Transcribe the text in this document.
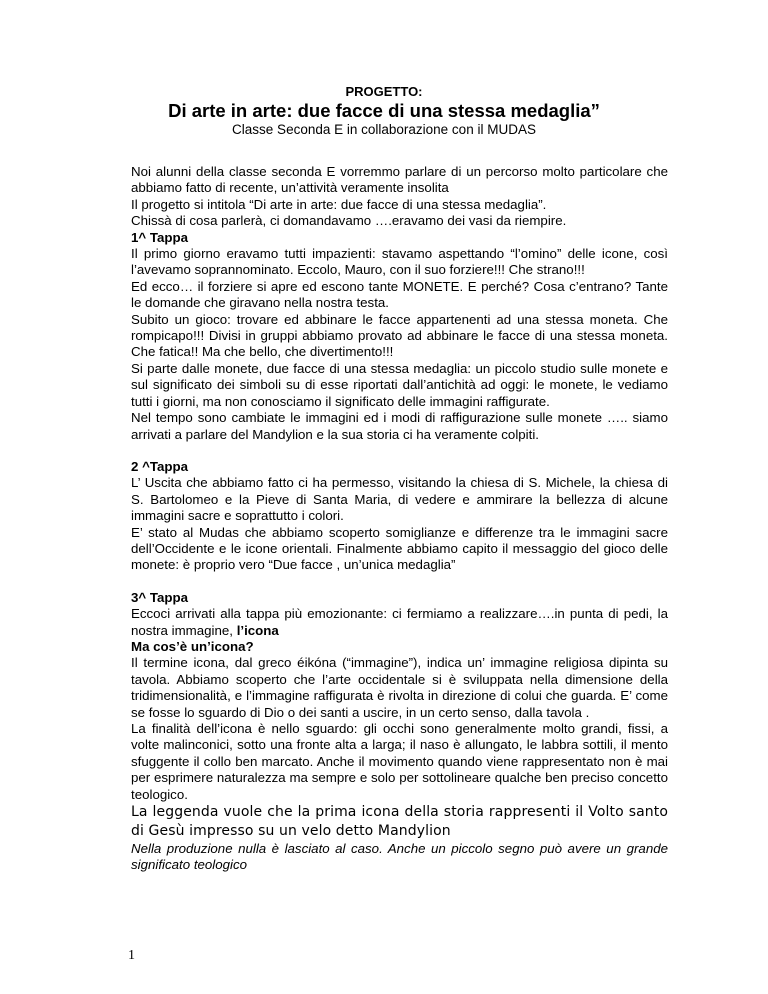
PROGETTO:
Di arte in arte: due facce di una stessa medaglia”
Classe Seconda E in collaborazione con il MUDAS

Noi alunni della classe seconda E vorremmo parlare di un percorso molto particolare che abbiamo fatto di recente, un’attività veramente insolita

Il progetto si intitola “Di arte in arte: due facce di una stessa medaglia”.

Chissà di cosa parlerà, ci domandavamo ….eravamo dei vasi da riempire.

1^ Tappa

Il primo giorno eravamo tutti impazienti: stavamo aspettando “l’omino” delle icone, così l’avevamo soprannominato. Eccolo, Mauro, con il suo forziere!!! Che strano!!!

Ed ecco… il forziere si apre ed escono tante MONETE. E perché? Cosa c’entrano? Tante le domande che giravano nella nostra testa.

Subito un gioco: trovare ed abbinare le facce appartenenti ad una stessa moneta. Che rompicapo!!! Divisi in gruppi abbiamo provato ad abbinare le facce di una stessa moneta. Che fatica!! Ma che bello, che divertimento!!!

Si parte dalle monete, due facce di una stessa medaglia: un piccolo studio sulle monete e sul significato dei simboli su di esse riportati dall’antichità ad oggi: le monete, le vediamo tutti i giorni, ma non conosciamo il significato delle immagini raffigurate.

Nel tempo sono cambiate le immagini ed i modi di raffigurazione sulle monete ….. siamo arrivati a parlare del Mandylion e la sua storia ci ha veramente colpiti.

2 ^Tappa

L’ Uscita che abbiamo fatto ci ha permesso, visitando la chiesa di S. Michele, la chiesa di S. Bartolomeo e la Pieve di Santa Maria, di vedere e ammirare la bellezza di alcune immagini sacre e soprattutto i colori.

E’ stato al Mudas che abbiamo scoperto somiglianze e differenze tra le immagini sacre dell’Occidente e le icone orientali. Finalmente abbiamo capito il messaggio del gioco delle monete: è proprio vero “Due facce , un’unica medaglia”

3^ Tappa

Eccoci arrivati alla tappa più emozionante: ci fermiamo a realizzare….in punta di pedi, la nostra immagine, l’icona

Ma cos’è un’icona?

Il termine icona, dal greco éikóna (“immagine”), indica un’ immagine religiosa dipinta su tavola. Abbiamo scoperto che l’arte occidentale si è sviluppata nella dimensione della tridimensionalità, e l’immagine raffigurata è rivolta in direzione di colui che guarda. E’ come se fosse lo sguardo di Dio o dei santi a uscire, in un certo senso, dalla tavola .

La finalità dell’icona è nello sguardo: gli occhi sono generalmente molto grandi, fissi, a volte malinconici, sotto una fronte alta a larga; il naso è allungato, le labbra sottili, il mento sfuggente il collo ben marcato. Anche il movimento quando viene rappresentato non è mai per esprimere naturalezza ma sempre e solo per sottolineare qualche ben preciso concetto teologico.

La leggenda vuole che la prima icona della storia rappresenti il Volto santo di Gesù impresso su un velo detto Mandylion

Nella produzione nulla è lasciato al caso. Anche un piccolo segno può avere un grande significato teologico

1
